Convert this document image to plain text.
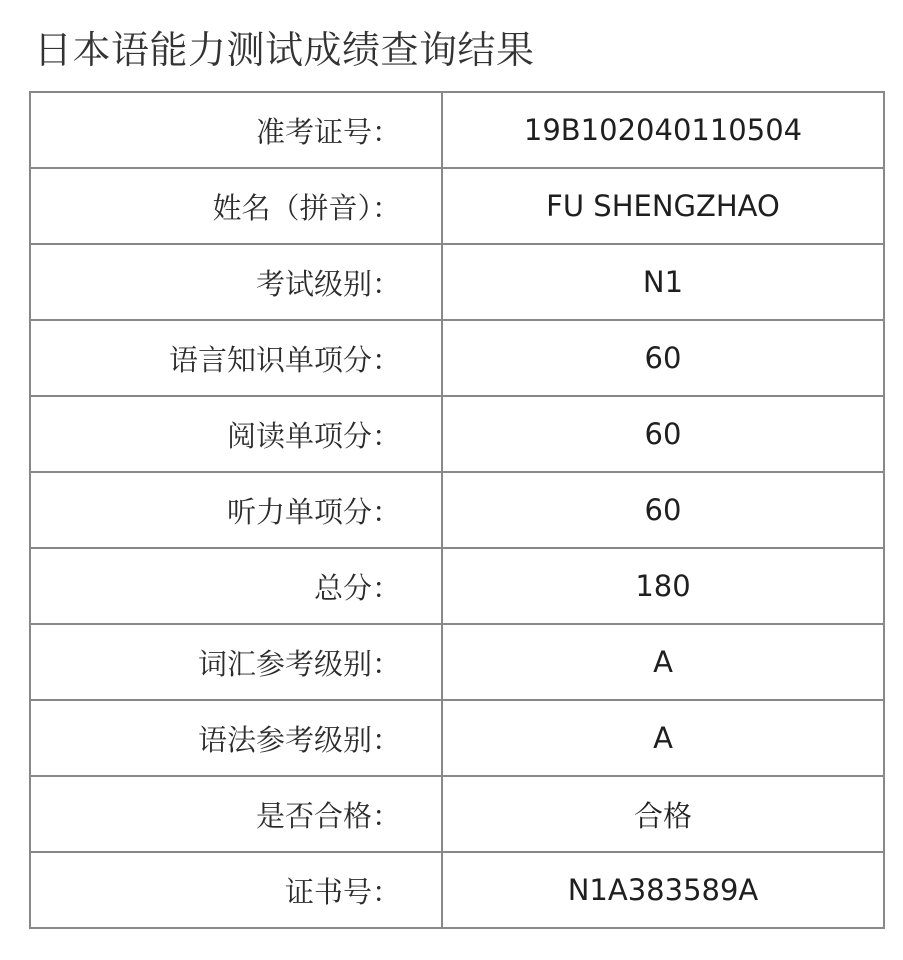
日本语能力测试成绩查询结果
准考证号：	19B102040110504
姓名（拼音）：	FU SHENGZHAO
考试级别：	N1
语言知识单项分：	60
阅读单项分：	60
听力单项分：	60
总分：	180
词汇参考级别：	A
语法参考级别：	A
是否合格：	合格
证书号：	N1A383589A
